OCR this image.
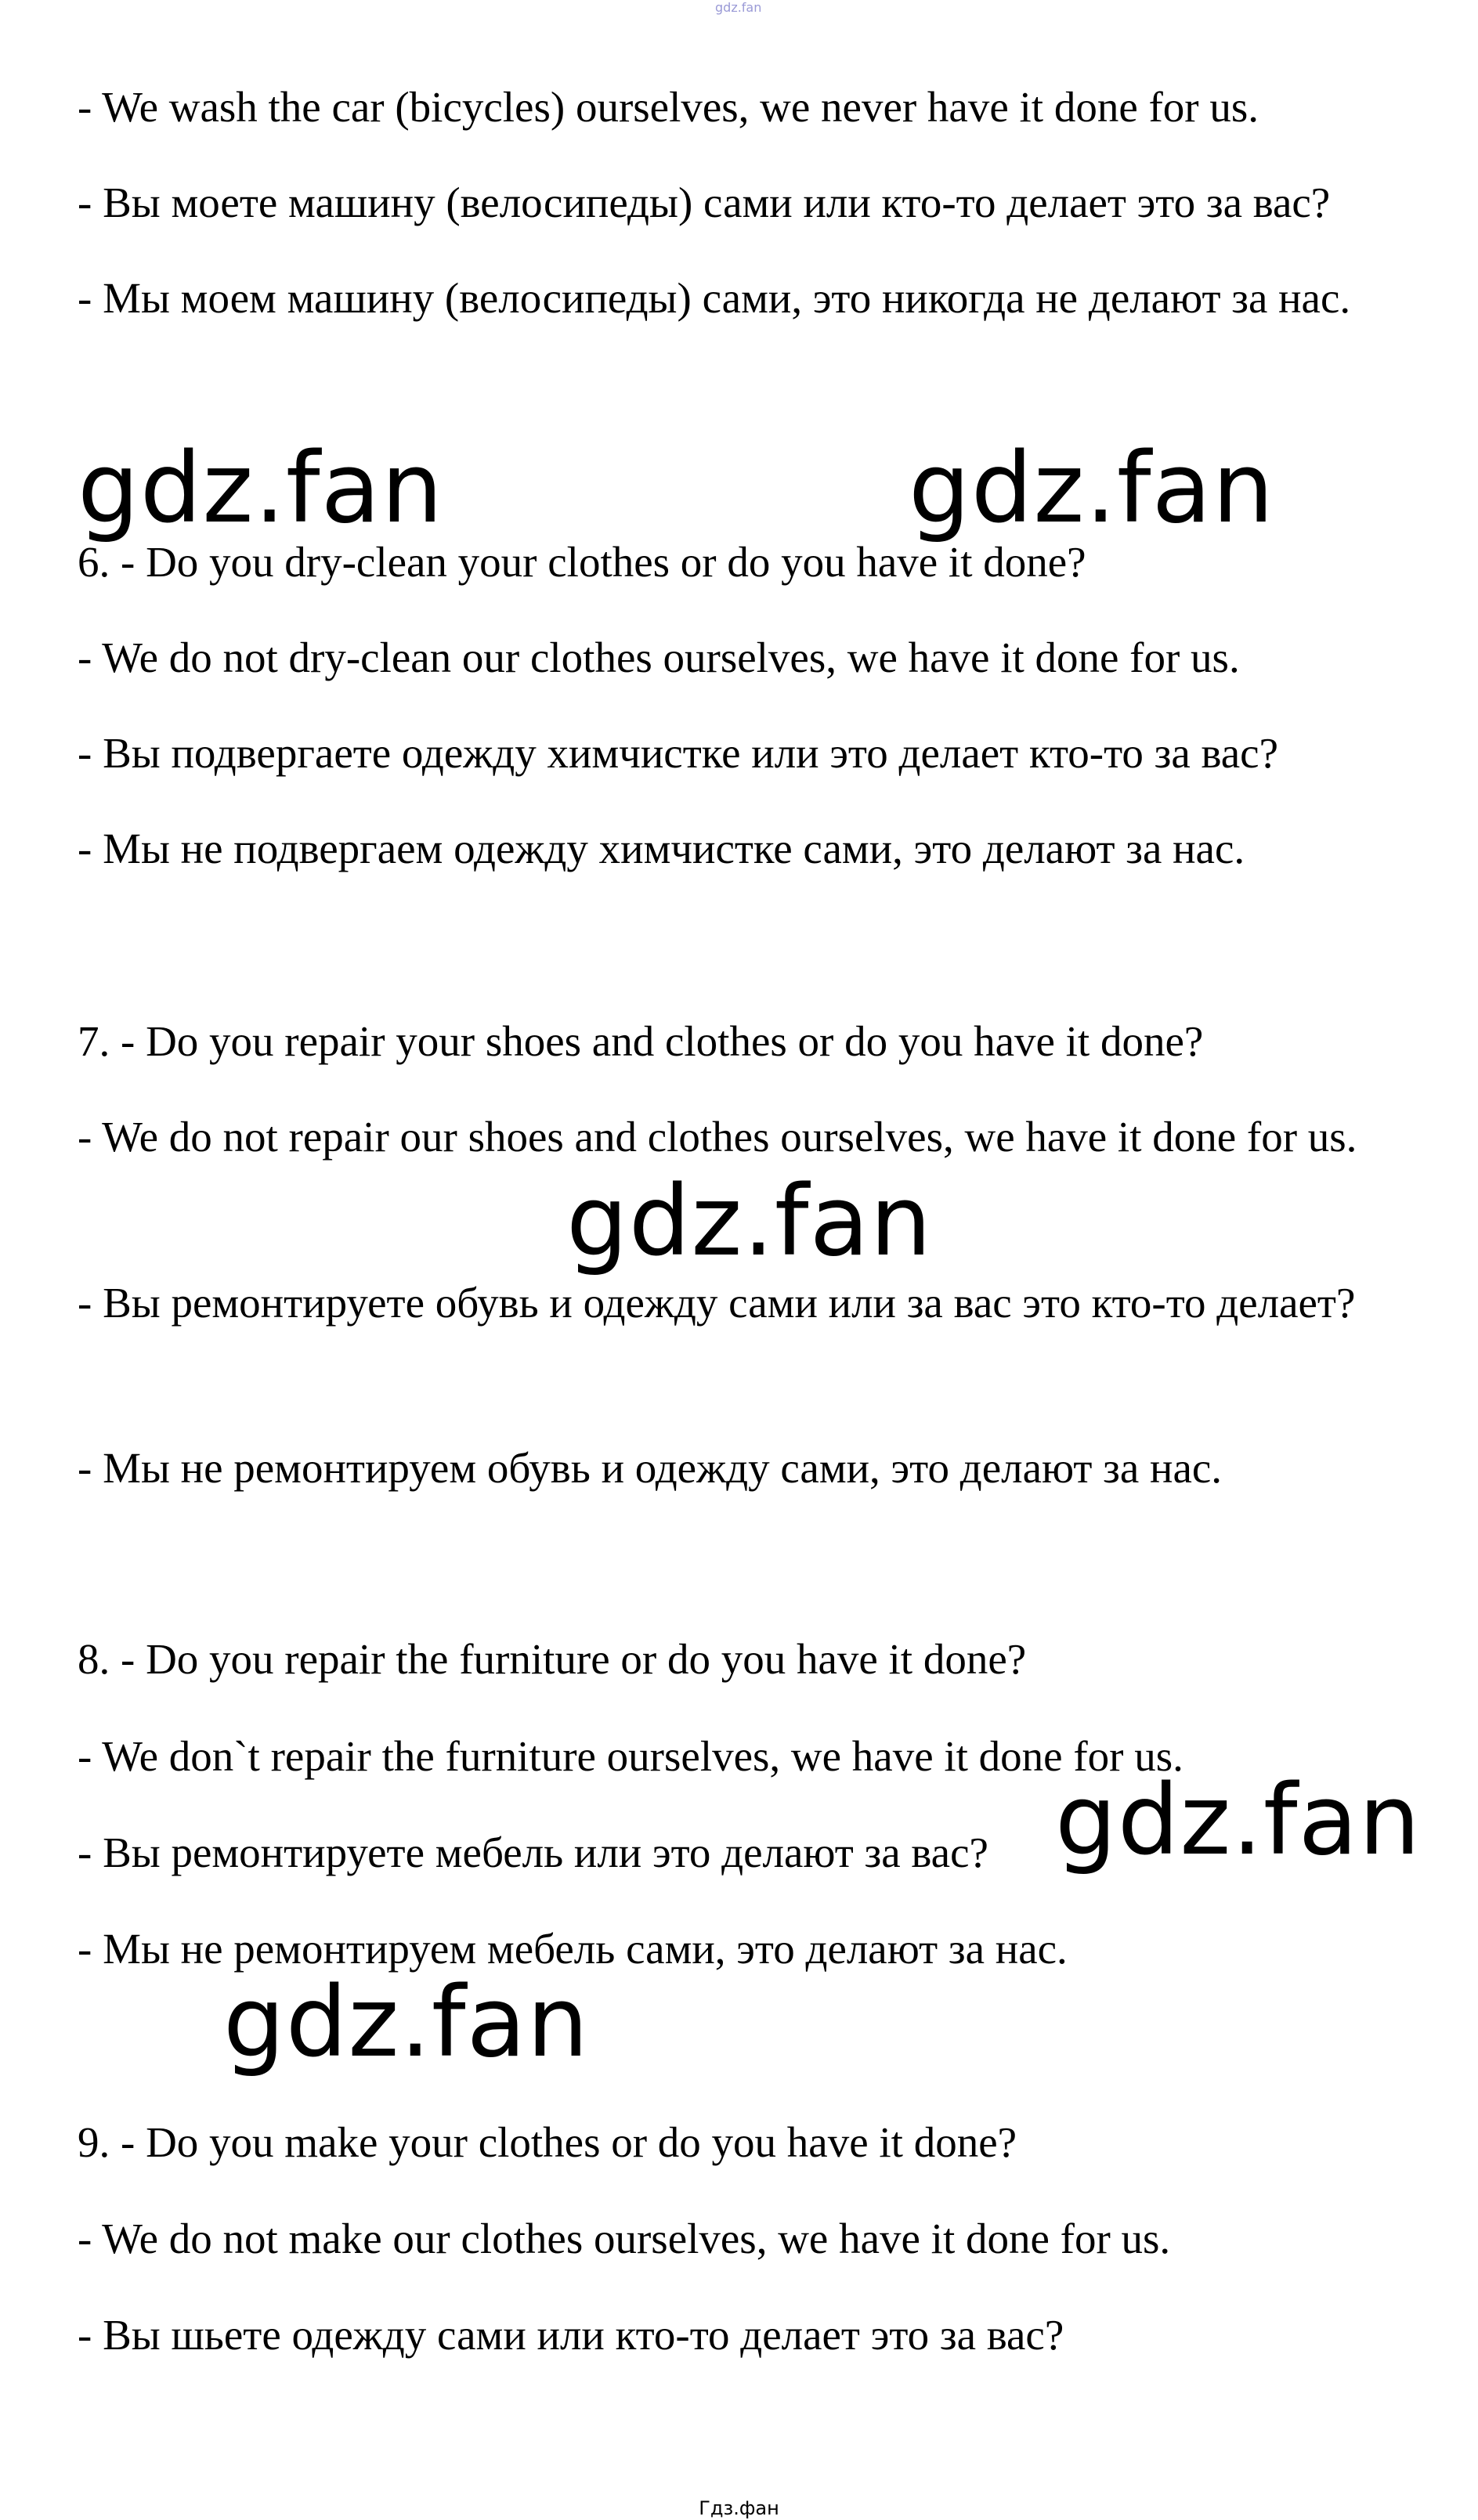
gdz.fan

- We wash the car (bicycles) ourselves, we never have it done for us.

- Вы моете машину (велосипеды) сами или кто-то делает это за вас?

- Мы моем машину (велосипеды) сами, это никогда не делают за нас.

gdz.fan	gdz.fan

6. - Do you dry-clean your clothes or do you have it done?

- We do not dry-clean our clothes ourselves, we have it done for us.

- Вы подвергаете одежду химчистке или это делает кто-то за вас?

- Мы не подвергаем одежду химчистке сами, это делают за нас.

7. - Do you repair your shoes and clothes or do you have it done?

- We do not repair our shoes and clothes ourselves, we have it done for us.

gdz.fan

- Вы ремонтируете обувь и одежду сами или за вас это кто-то делает?

- Мы не ремонтируем обувь и одежду сами, это делают за нас.

8. - Do you repair the furniture or do you have it done?

- We don`t repair the furniture ourselves, we have it done for us.

- Вы ремонтируете мебель или это делают за вас? gdz.fan

- Мы не ремонтируем мебель сами, это делают за нас.

gdz.fan

9. - Do you make your clothes or do you have it done?

- We do not make our clothes ourselves, we have it done for us.

- Вы шьете одежду сами или кто-то делает это за вас?

Гдз.фан
